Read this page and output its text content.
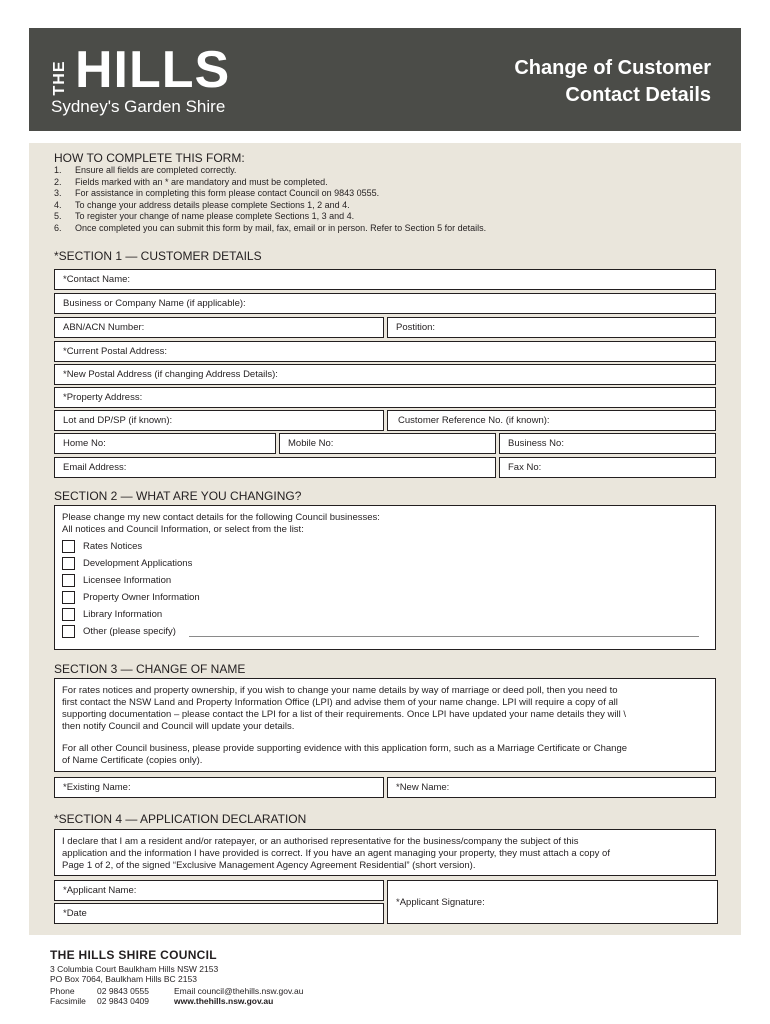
THE HILLS
Sydney's Garden Shire
Change of Customer
Contact Details
HOW TO COMPLETE THIS FORM:
1. Ensure all fields are completed correctly.
2. Fields marked with an * are mandatory and must be completed.
3. For assistance in completing this form please contact Council on 9843 0555.
4. To change your address details please complete Sections 1, 2 and 4.
5. To register your change of name please complete Sections 1, 3 and 4.
6. Once completed you can submit this form by mail, fax, email or in person. Refer to Section 5 for details.
*SECTION 1 — CUSTOMER DETAILS
*Contact Name:
Business or Company Name (if applicable):
ABN/ACN Number:	Postition:
*Current Postal Address:
*New Postal Address (if changing Address Details):
*Property Address:
Lot and DP/SP (if known):	Customer Reference No. (if known):
Home No:	Mobile No:	Business No:
Email Address:	Fax No:
SECTION 2 — WHAT ARE YOU CHANGING?
Please change my new contact details for the following Council businesses:
All notices and Council Information, or select from the list:
Rates Notices
Development Applications
Licensee Information
Property Owner Information
Library Information
Other (please specify)
SECTION 3 — CHANGE OF NAME
For rates notices and property ownership, if you wish to change your name details by way of marriage or deed poll, then you need to
first contact the NSW Land and Property Information Office (LPI) and advise them of your name change. LPI will require a copy of all
supporting documentation – please contact the LPI for a list of their requirements. Once LPI have updated your name details they will \
then notify Council and Council will update your details.
For all other Council business, please provide supporting evidence with this application form, such as a Marriage Certificate or Change
of Name Certificate (copies only).
*Existing Name:	*New Name:
*SECTION 4 — APPLICATION DECLARATION
I declare that I am a resident and/or ratepayer, or an authorised representative for the business/company the subject of this
application and the information I have provided is correct. If you have an agent managing your property, they must attach a copy of
Page 1 of 2, of the signed “Exclusive Management Agency Agreement Residential” (short version).
*Applicant Name:
*Date
*Applicant Signature:
THE HILLS SHIRE COUNCIL
3 Columbia Court Baulkham Hills NSW 2153
PO Box 7064, Baulkham Hills BC 2153
Phone	02 9843 0555	Email council@thehills.nsw.gov.au
Facsimile 02 9843 0409	www.thehills.nsw.gov.au
